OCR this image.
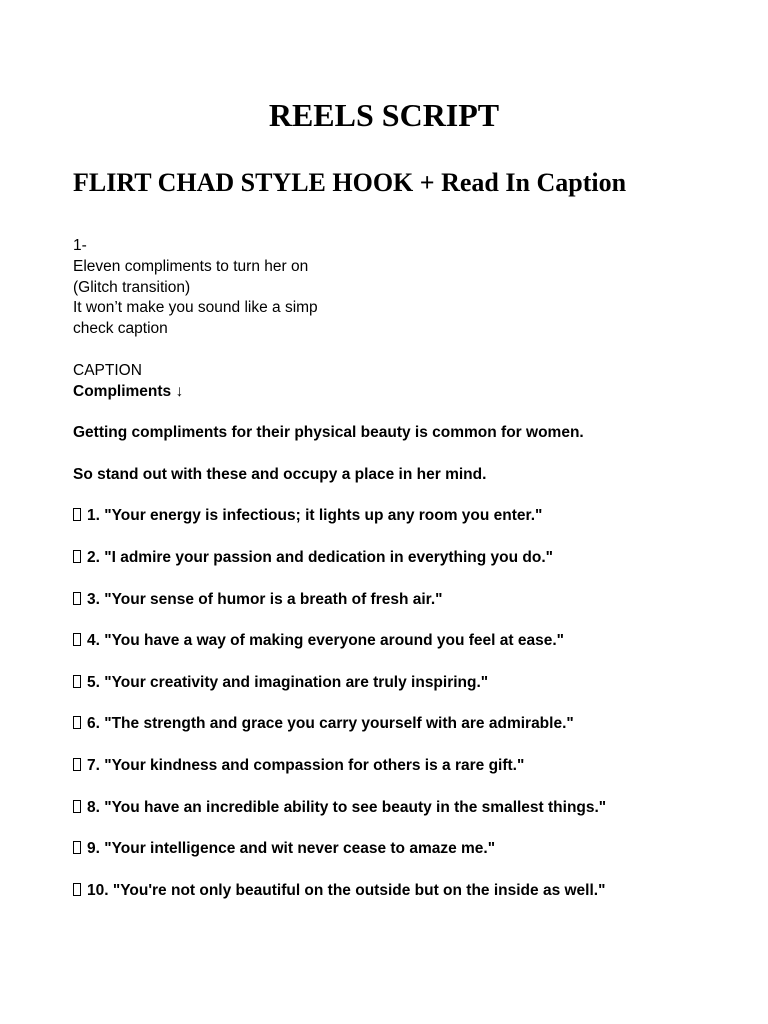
REELS SCRIPT
FLIRT CHAD STYLE HOOK + Read In Caption
1-
Eleven compliments to turn her on
(Glitch transition)
It won’t make you sound like a simp
check caption
CAPTION
Compliments ↓
Getting compliments for their physical beauty is common for women.
So stand out with these and occupy a place in her mind.
1. "Your energy is infectious; it lights up any room you enter."
2. "I admire your passion and dedication in everything you do."
3. "Your sense of humor is a breath of fresh air."
4. "You have a way of making everyone around you feel at ease."
5. "Your creativity and imagination are truly inspiring."
6. "The strength and grace you carry yourself with are admirable."
7. "Your kindness and compassion for others is a rare gift."
8. "You have an incredible ability to see beauty in the smallest things."
9. "Your intelligence and wit never cease to amaze me."
10. "You're not only beautiful on the outside but on the inside as well."
